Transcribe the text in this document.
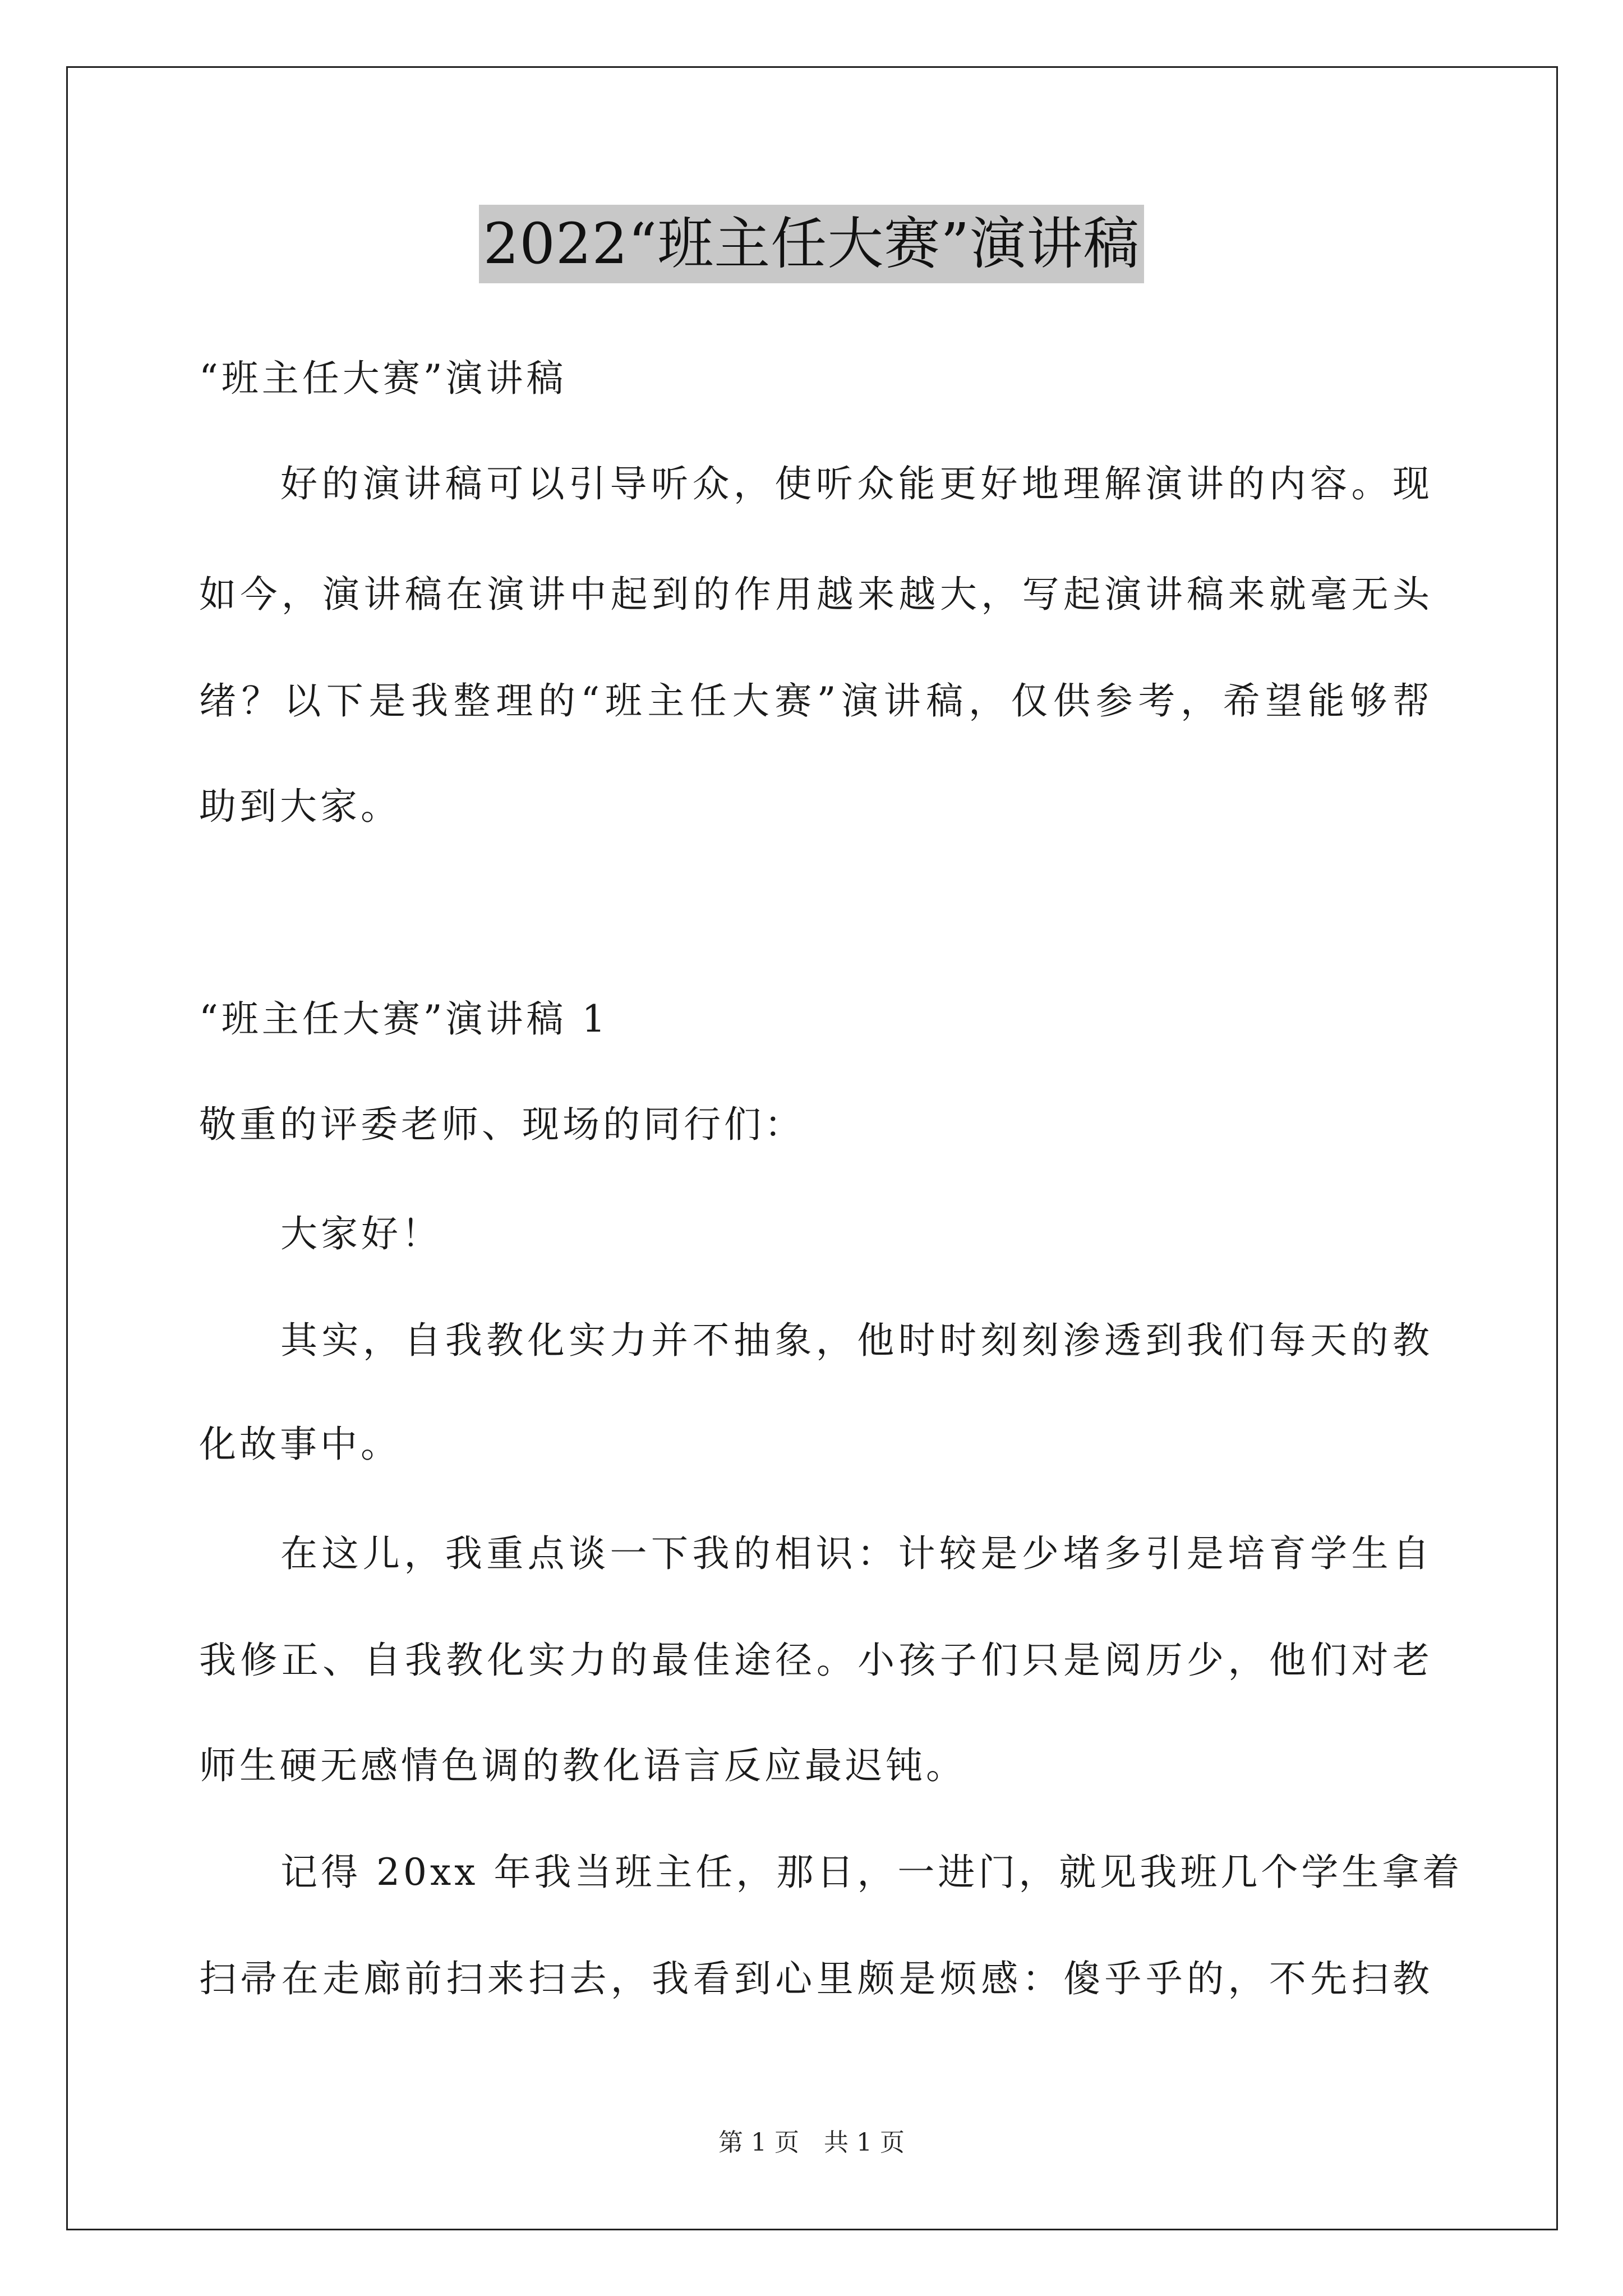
2022“班主任大赛”演讲稿
“班主任大赛”演讲稿
好的演讲稿可以引导听众，使听众能更好地理解演讲的内容。现
如今，演讲稿在演讲中起到的作用越来越大，写起演讲稿来就毫无头
绪？以下是我整理的“班主任大赛”演讲稿，仅供参考，希望能够帮
助到大家。
“班主任大赛”演讲稿 1
敬重的评委老师、现场的同行们：
大家好！
其实，自我教化实力并不抽象，他时时刻刻渗透到我们每天的教
化故事中。
在这儿，我重点谈一下我的相识：计较是少堵多引是培育学生自
我修正、自我教化实力的最佳途径。小孩子们只是阅历少，他们对老
师生硬无感情色调的教化语言反应最迟钝。
记得 20xx 年我当班主任，那日，一进门，就见我班几个学生拿着
扫帚在走廊前扫来扫去，我看到心里颇是烦感：傻乎乎的，不先扫教
第 1 页 共 1 页
